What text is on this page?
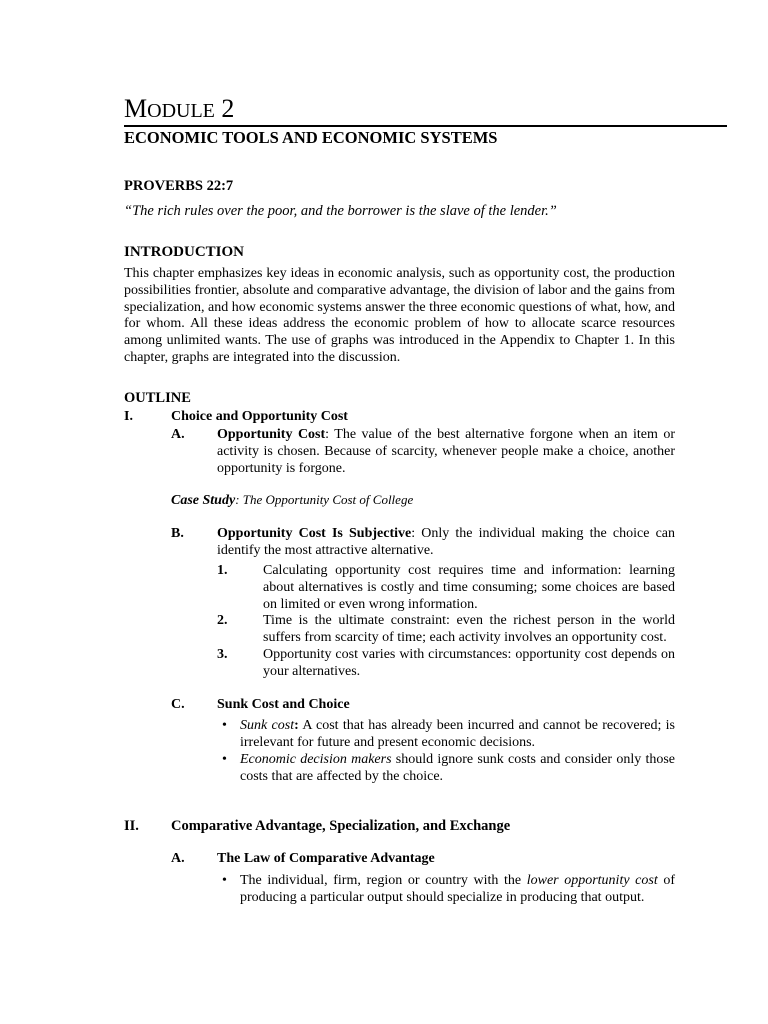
MODULE 2
ECONOMIC TOOLS AND ECONOMIC SYSTEMS
PROVERBS 22:7
“The rich rules over the poor, and the borrower is the slave of the lender.”
INTRODUCTION

This chapter emphasizes key ideas in economic analysis, such as opportunity cost, the production possibilities frontier, absolute and comparative advantage, the division of labor and the gains from specialization, and how economic systems answer the three economic questions of what, how, and for whom. All these ideas address the economic problem of how to allocate scarce resources among unlimited wants. The use of graphs was introduced in the Appendix to Chapter 1. In this chapter, graphs are integrated into the discussion.

OUTLINE
I.	Choice and Opportunity Cost
A. Opportunity Cost: The value of the best alternative forgone when an item or activity is chosen. Because of scarcity, whenever people make a choice, another opportunity is forgone.
Case Study: The Opportunity Cost of College
B. Opportunity Cost Is Subjective: Only the individual making the choice can identify the most attractive alternative.
1.	Calculating opportunity cost requires time and information: learning about alternatives is costly and time consuming; some choices are based on limited or even wrong information.
2.	Time is the ultimate constraint: even the richest person in the world suffers from scarcity of time; each activity involves an opportunity cost.
3.	Opportunity cost varies with circumstances: opportunity cost depends on your alternatives.
C. Sunk Cost and Choice
• Sunk cost: A cost that has already been incurred and cannot be recovered; is irrelevant for future and present economic decisions.
• Economic decision makers should ignore sunk costs and consider only those costs that are affected by the choice.
II. Comparative Advantage, Specialization, and Exchange
A. The Law of Comparative Advantage
• The individual, firm, region or country with the lower opportunity cost of producing a particular output should specialize in producing that output.
